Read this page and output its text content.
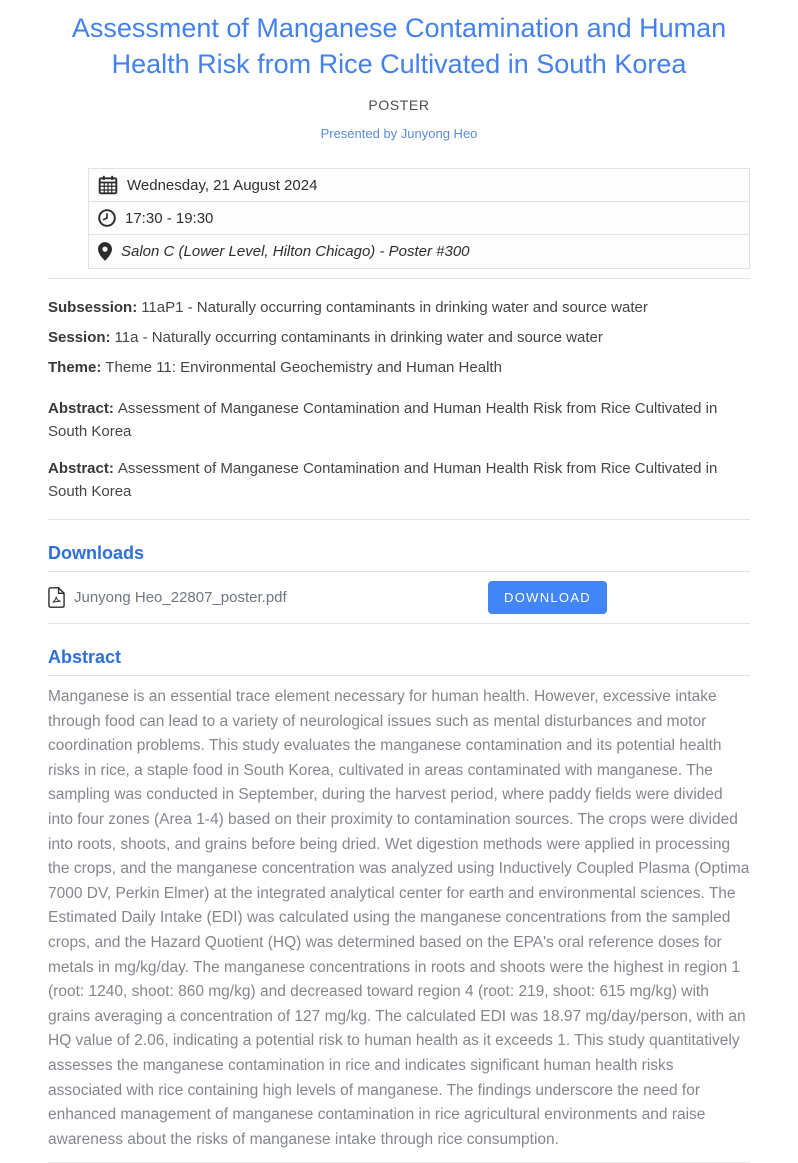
Assessment of Manganese Contamination and Human Health Risk from Rice Cultivated in South Korea
POSTER
Presented by Junyong Heo
Wednesday, 21 August 2024
17:30 - 19:30
Salon C (Lower Level, Hilton Chicago) - Poster #300

Subsession: 11aP1 - Naturally occurring contaminants in drinking water and source water

Session: 11a - Naturally occurring contaminants in drinking water and source water

Theme: Theme 11: Environmental Geochemistry and Human Health

Abstract: Assessment of Manganese Contamination and Human Health Risk from Rice Cultivated in South Korea

Abstract: Assessment of Manganese Contamination and Human Health Risk from Rice Cultivated in South Korea

Downloads
Junyong Heo_22807_poster.pdf	DOWNLOAD
Abstract

Manganese is an essential trace element necessary for human health. However, excessive intake through food can lead to a variety of neurological issues such as mental disturbances and motor coordination problems. This study evaluates the manganese contamination and its potential health risks in rice, a staple food in South Korea, cultivated in areas contaminated with manganese. The sampling was conducted in September, during the harvest period, where paddy fields were divided into four zones (Area 1-4) based on their proximity to contamination sources. The crops were divided into roots, shoots, and grains before being dried. Wet digestion methods were applied in processing the crops, and the manganese concentration was analyzed using Inductively Coupled Plasma (Optima 7000 DV, Perkin Elmer) at the integrated analytical center for earth and environmental sciences. The Estimated Daily Intake (EDI) was calculated using the manganese concentrations from the sampled crops, and the Hazard Quotient (HQ) was determined based on the EPA's oral reference doses for metals in mg/kg/day. The manganese concentrations in roots and shoots were the highest in region 1 (root: 1240, shoot: 860 mg/kg) and decreased toward region 4 (root: 219, shoot: 615 mg/kg) with grains averaging a concentration of 127 mg/kg. The calculated EDI was 18.97 mg/day/person, with an HQ value of 2.06, indicating a potential risk to human health as it exceeds 1. This study quantitatively assesses the manganese contamination in rice and indicates significant human health risks associated with rice containing high levels of manganese. The findings underscore the need for enhanced management of manganese contamination in rice agricultural environments and raise awareness about the risks of manganese intake through rice consumption.
